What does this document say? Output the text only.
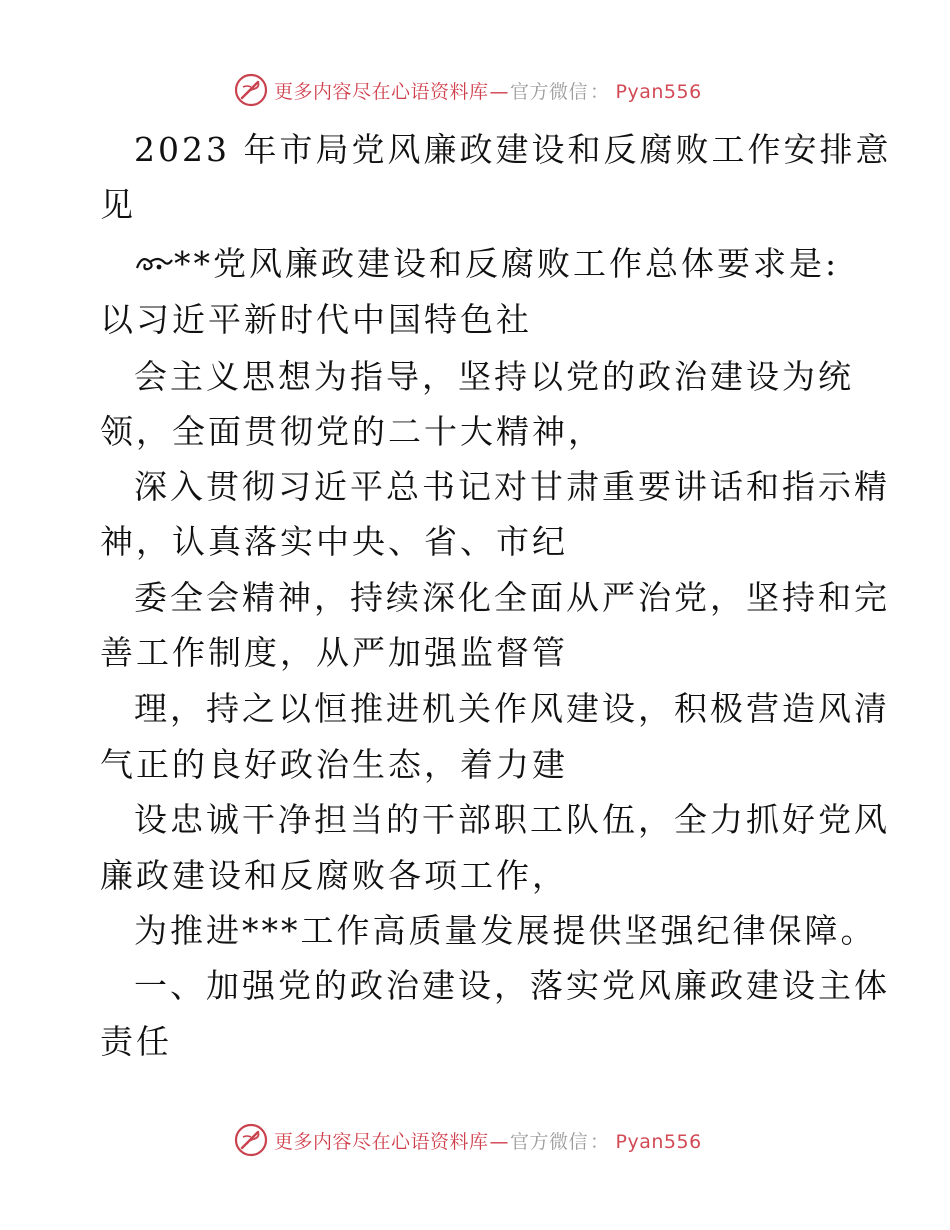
更多内容尽在心语资料库—官方微信 ： Pyan556
2023 年市局党风廉政建设和反腐败工作安排意
见
**党风廉政建设和反腐败工作总体要求是:
以习近平新时代中国特色社
会主义思想为指导，坚持以党的政治建设为统
领，全面贯彻党的二十大精神，
深入贯彻习近平总书记对甘肃重要讲话和指示精
神，认真落实中央、省、市纪
委全会精神，持续深化全面从严治党，坚持和完
善工作制度，从严加强监督管
理，持之以恒推进机关作风建设，积极营造风清
气正的良好政治生态，着力建
设忠诚干净担当的干部职工队伍，全力抓好党风
廉政建设和反腐败各项工作，
为推进***工作高质量发展提供坚强纪律保障。
一、加强党的政治建设，落实党风廉政建设主体
责任
更多内容尽在心语资料库—官方微信 ： Pyan556
